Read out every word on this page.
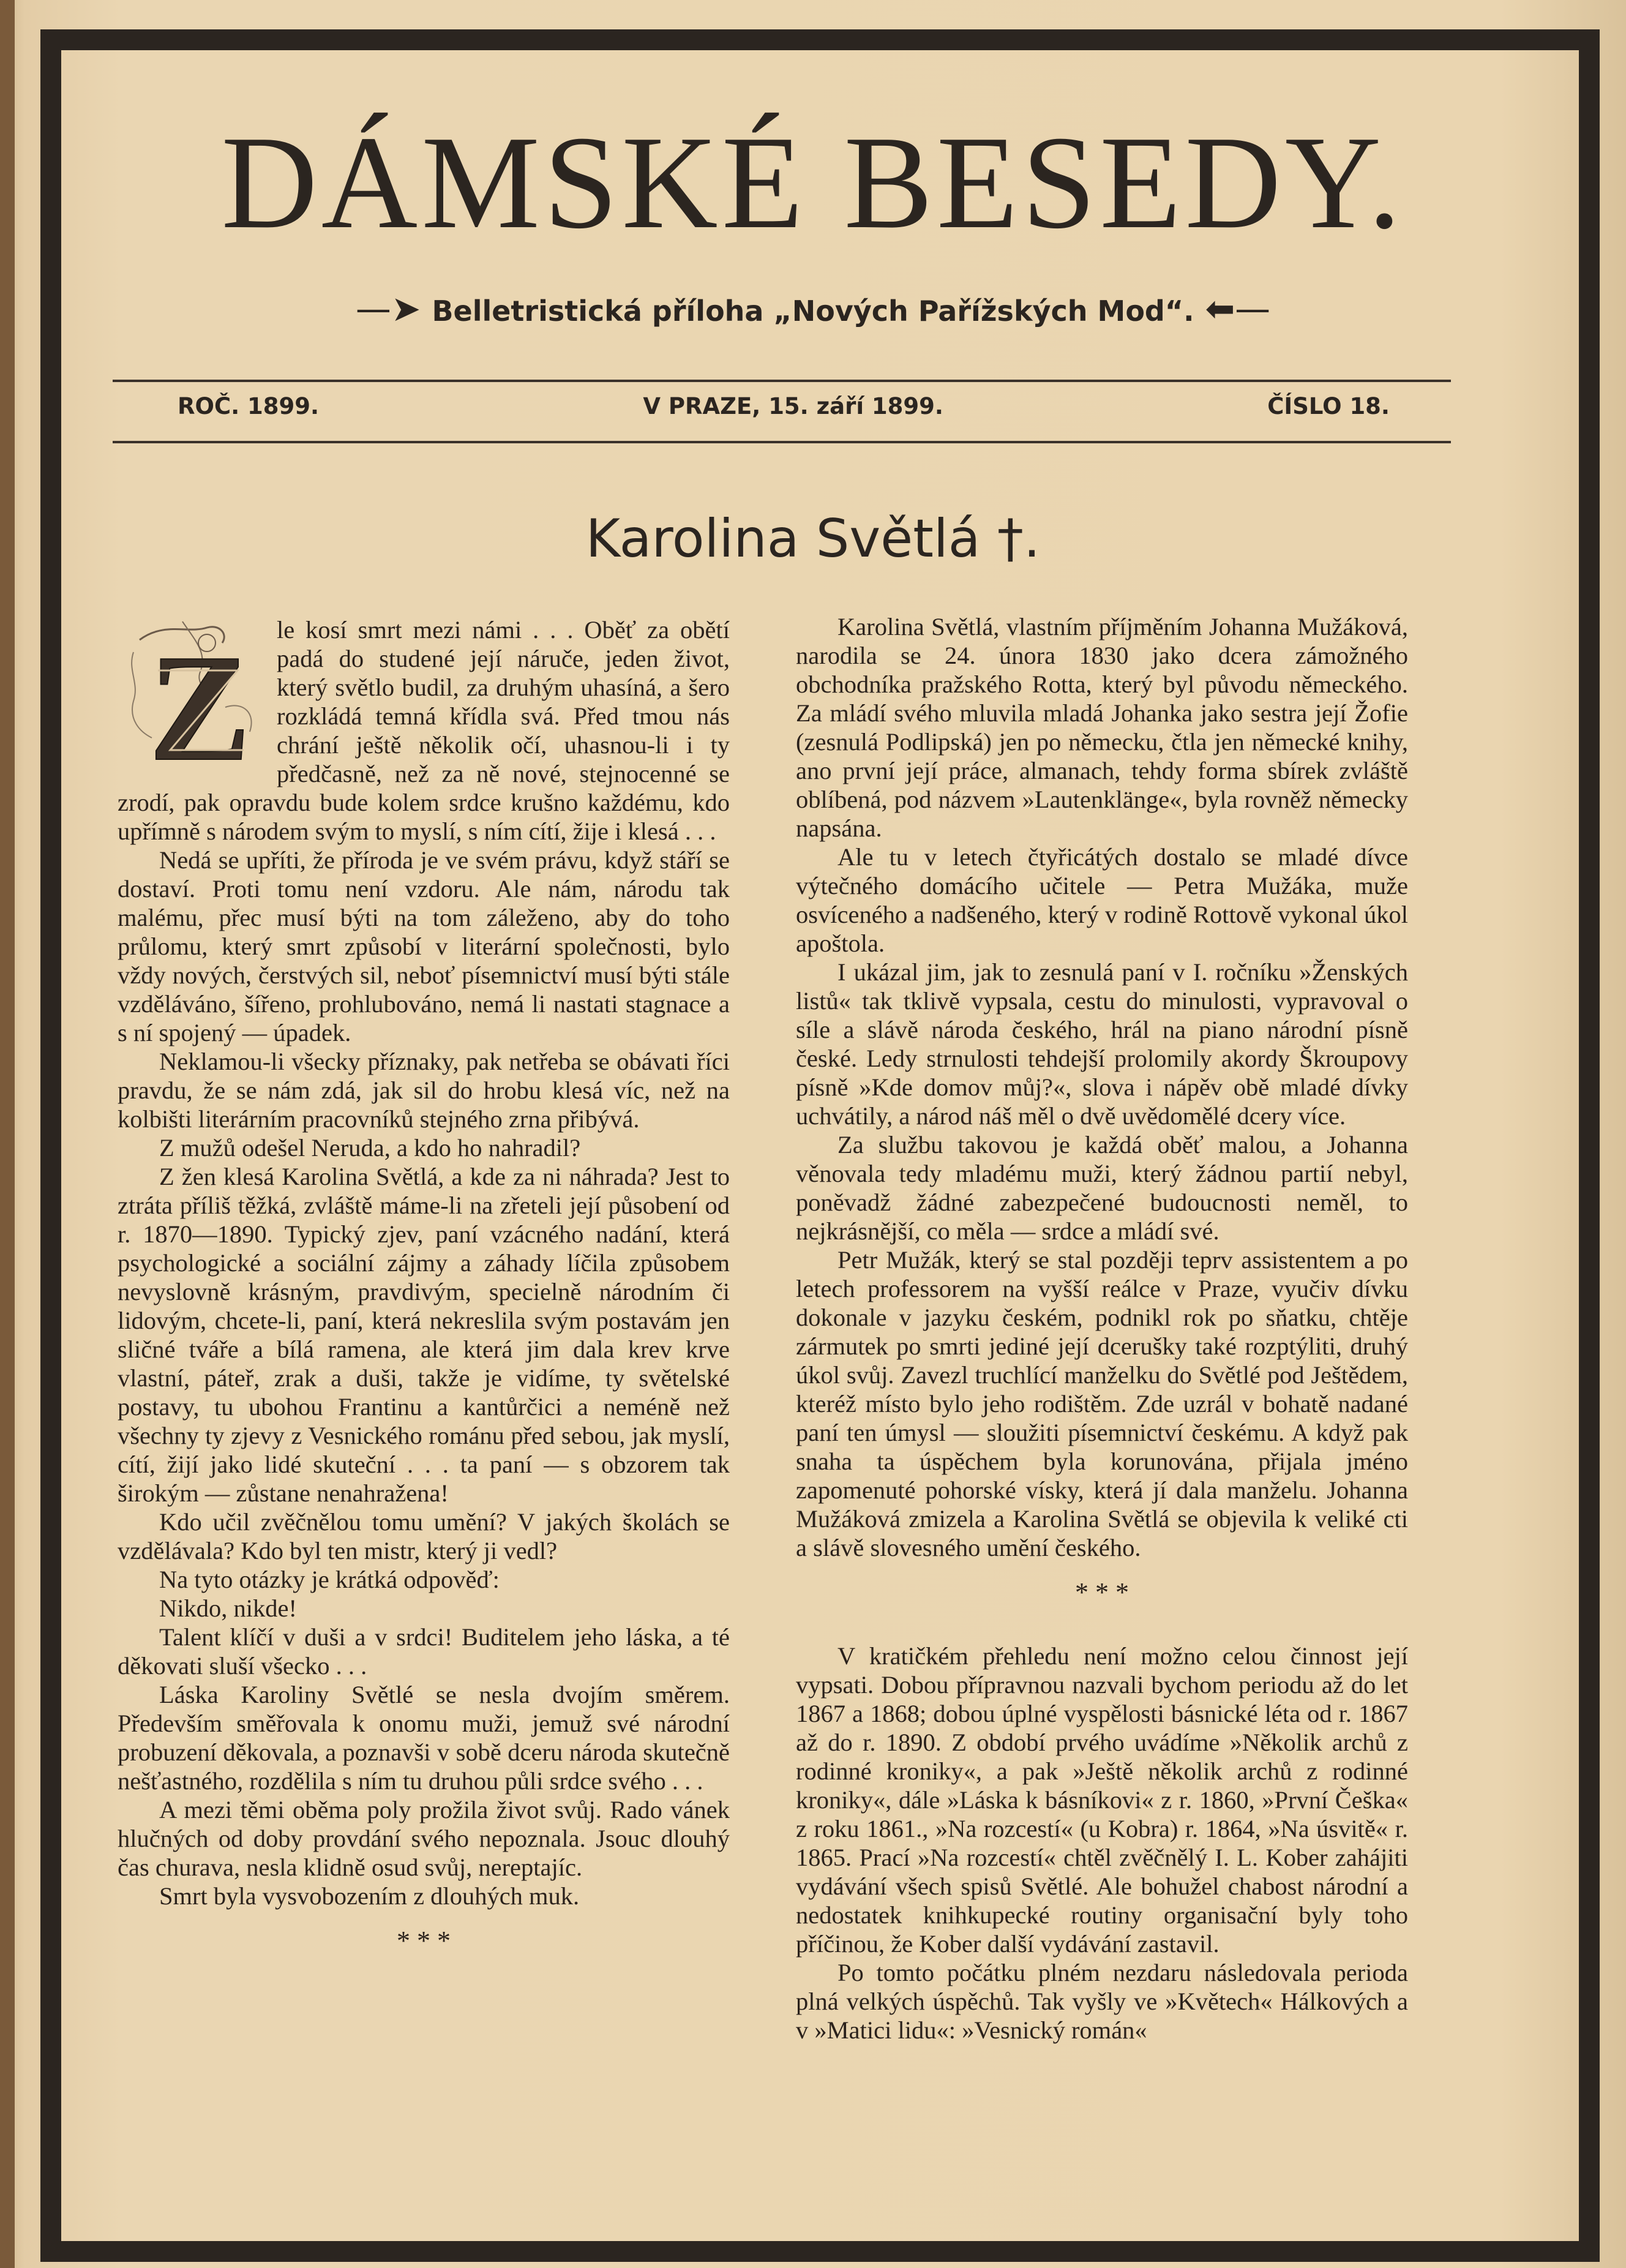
DÁMSKÉ BESEDY.
—➤ Belletristická příloha „Nových Pařížských Mod“. ⬅—
ROČ. 1899.	V PRAZE, 15. září 1899.	ČÍSLO 18.
Karolina Světlá †.
Z	le kosí smrt mezi námi . . . Oběť za obětí padá do studené její náruče, jeden život, který světlo budil, za druhým uhasíná, a šero rozkládá temná křídla svá. Před tmou nás chrání ještě několik očí, uhasnou-li i ty předčasně, než za ně nové, stejnocenné se zrodí, pak opravdu bude kolem srdce krušno každému, kdo upřímně s národem svým to myslí, s ním cítí, žije i klesá . . .

Nedá se upříti, že příroda je ve svém právu, když stáří se dostaví. Proti tomu není vzdoru. Ale nám, národu tak malému, přec musí býti na tom záleženo, aby do toho průlomu, který smrt způsobí v literární společnosti, bylo vždy nových, čerstvých sil, neboť písemnictví musí býti stále vzděláváno, šířeno, prohlubováno, nemá li nastati stagnace a s ní spojený — úpadek.

Neklamou-li všecky příznaky, pak netřeba se obávati říci pravdu, že se nám zdá, jak sil do hrobu klesá víc, než na kolbišti literárním pracovníků stejného zrna přibývá.

Z mužů odešel Neruda, a kdo ho nahradil?

Z žen klesá Karolina Světlá, a kde za ni náhrada? Jest to ztráta příliš těžká, zvláště máme-li na zřeteli její působení od r. 1870—1890. Typický zjev, paní vzácného nadání, která psychologické a sociální zájmy a záhady líčila způsobem nevyslovně krásným, pravdivým, specielně národním či lidovým, chcete-li, paní, která nekreslila svým postavám jen sličné tváře a bílá ramena, ale která jim dala krev krve vlastní, páteř, zrak a duši, takže je vidíme, ty světelské postavy, tu ubohou Frantinu a kantůrčici a neméně než všechny ty zjevy z Vesnického románu před sebou, jak myslí, cítí, žijí jako lidé skuteční . . . ta paní — s obzorem tak širokým — zůstane nenahražena!

Kdo učil zvěčnělou tomu umění? V jakých školách se vzdělávala? Kdo byl ten mistr, který ji vedl?

Na tyto otázky je krátká odpověď:

Nikdo, nikde!

Talent klíčí v duši a v srdci! Buditelem jeho láska, a té děkovati sluší všecko . . .

Láska Karoliny Světlé se nesla dvojím směrem. Především směřovala k onomu muži, jemuž své národní probuzení děkovala, a poznavši v sobě dceru národa skutečně nešťastného, rozdělila s ním tu druhou půli srdce svého . . .

A mezi těmi oběma poly prožila život svůj. Rado vánek hlučných od doby provdání svého nepoznala. Jsouc dlouhý čas churava, nesla klidně osud svůj, nereptajíc.

Smrt byla vysvobozením z dlouhých muk.

* * *

Karolina Světlá, vlastním příjměním Johanna Mužáková, narodila se 24. února 1830 jako dcera zámožného obchodníka pražského Rotta, který byl původu německého. Za mládí svého mluvila mladá Johanka jako sestra její Žofie (zesnulá Podlipská) jen po německu, čtla jen německé knihy, ano první její práce, almanach, tehdy forma sbírek zvláště oblíbená, pod názvem »Lautenklänge«, byla rovněž německy napsána.

Ale tu v letech čtyřicátých dostalo se mladé dívce výtečného domácího učitele — Petra Mužáka, muže osvíceného a nadšeného, který v rodině Rottově vykonal úkol apoštola.

I ukázal jim, jak to zesnulá paní v I. ročníku »Ženských listů« tak tklivě vypsala, cestu do minulosti, vypravoval o síle a slávě národa českého, hrál na piano národní písně české. Ledy strnulosti tehdejší prolomily akordy Škroupovy písně »Kde domov můj?«, slova i nápěv obě mladé dívky uchvátily, a národ náš měl o dvě uvědomělé dcery více.

Za službu takovou je každá oběť malou, a Johanna věnovala tedy mladému muži, který žádnou partií nebyl, poněvadž žádné zabezpečené budoucnosti neměl, to nejkrásnější, co měla — srdce a mládí své.

Petr Mužák, který se stal později teprv assistentem a po letech professorem na vyšší reálce v Praze, vyučiv dívku dokonale v jazyku českém, podnikl rok po sňatku, chtěje zármutek po smrti jediné její dcerušky také rozptýliti, druhý úkol svůj. Zavezl truchlící manželku do Světlé pod Ještědem, kteréž místo bylo jeho rodištěm. Zde uzrál v bohatě nadané paní ten úmysl — sloužiti písemnictví českému. A když pak snaha ta úspěchem byla korunována, přijala jméno zapomenuté pohorské vísky, která jí dala manželu. Johanna Mužáková zmizela a Karolina Světlá se objevila k veliké cti a slávě slovesného umění českého.

* * *

V kratičkém přehledu není možno celou činnost její vypsati. Dobou přípravnou nazvali bychom periodu až do let 1867 a 1868; dobou úplné vyspělosti básnické léta od r. 1867 až do r. 1890. Z období prvého uvádíme »Několik archů z rodinné kroniky«, a pak »Ještě několik archů z rodinné kroniky«, dále »Láska k básníkovi« z r. 1860, »První Češka« z roku 1861., »Na rozcestí« (u Kobra) r. 1864, »Na úsvitě« r. 1865. Prací »Na rozcestí« chtěl zvěčnělý I. L. Kober zahájiti vydávání všech spisů Světlé. Ale bohužel chabost národní a nedostatek knihkupecké routiny organisační byly toho příčinou, že Kober další vydávání zastavil.

Po tomto počátku plném nezdaru následovala perioda plná velkých úspěchů. Tak vyšly ve »Květech« Hálkových a v »Matici lidu«: »Vesnický román«
